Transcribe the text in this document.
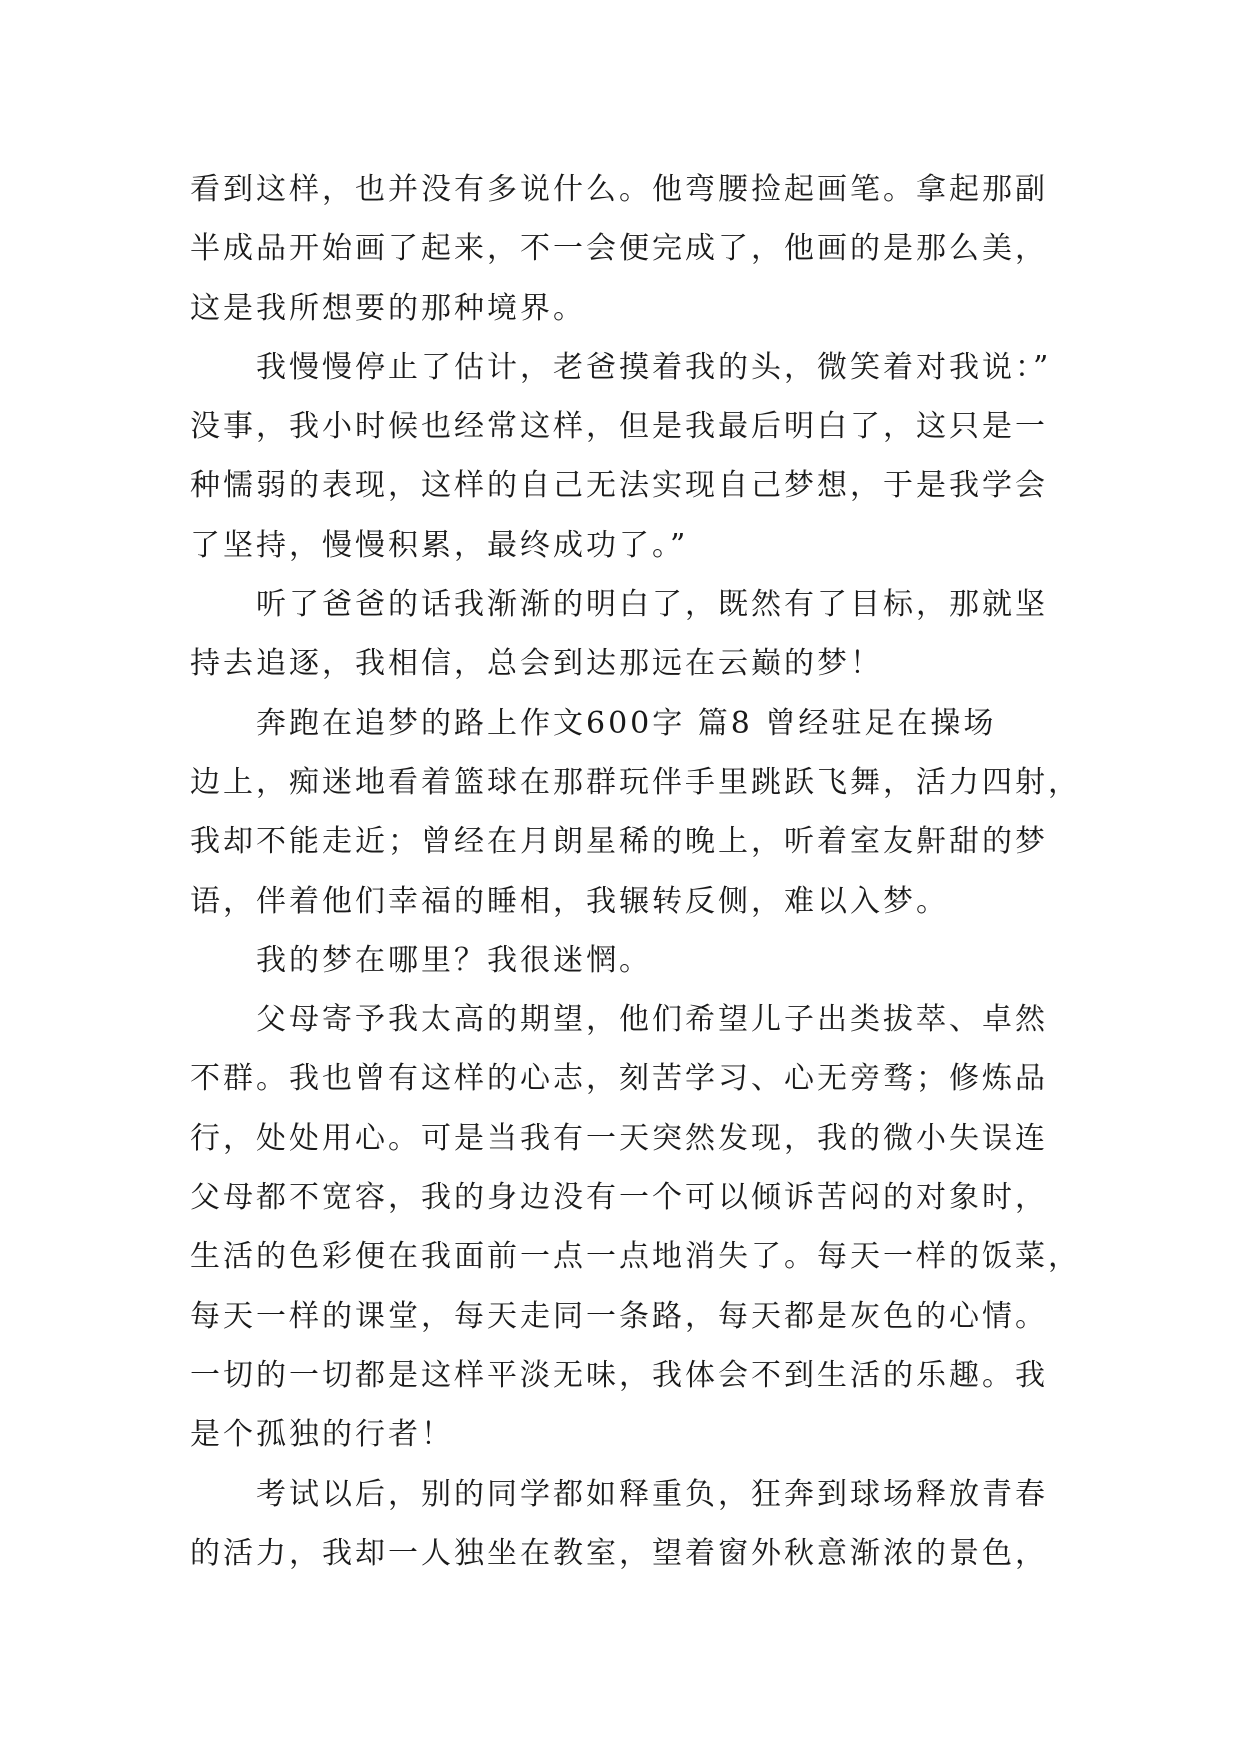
看到这样，也并没有多说什么。他弯腰捡起画笔。拿起那副
半成品开始画了起来，不一会便完成了，他画的是那么美，
这是我所想要的那种境界。
我慢慢停止了估计，老爸摸着我的头，微笑着对我说：”
没事，我小时候也经常这样，但是我最后明白了，这只是一
种懦弱的表现，这样的自己无法实现自己梦想，于是我学会
了坚持，慢慢积累，最终成功了。”
听了爸爸的话我渐渐的明白了，既然有了目标，那就坚
持去追逐，我相信，总会到达那远在云巅的梦！
奔跑在追梦的路上作文600字 篇8 曾经驻足在操场
边上，痴迷地看着篮球在那群玩伴手里跳跃飞舞，活力四射，
我却不能走近；曾经在月朗星稀的晚上，听着室友鼾甜的梦
语，伴着他们幸福的睡相，我辗转反侧，难以入梦。
我的梦在哪里？我很迷惘。
父母寄予我太高的期望，他们希望儿子出类拔萃、卓然
不群。我也曾有这样的心志，刻苦学习、心无旁骛；修炼品
行，处处用心。可是当我有一天突然发现，我的微小失误连
父母都不宽容，我的身边没有一个可以倾诉苦闷的对象时，
生活的色彩便在我面前一点一点地消失了。每天一样的饭菜，
每天一样的课堂，每天走同一条路，每天都是灰色的心情。
一切的一切都是这样平淡无味，我体会不到生活的乐趣。我
是个孤独的行者！
考试以后，别的同学都如释重负，狂奔到球场释放青春
的活力，我却一人独坐在教室，望着窗外秋意渐浓的景色，
